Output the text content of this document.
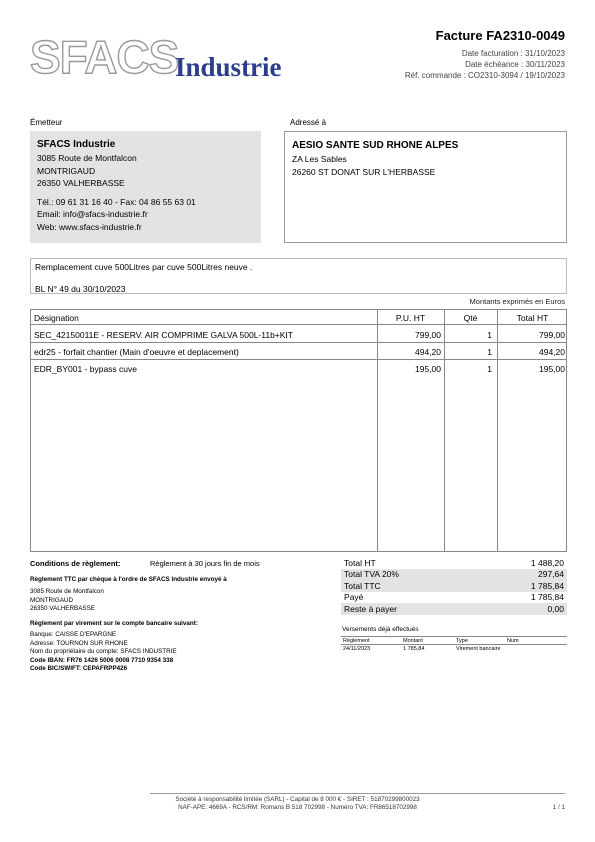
SFACS
Industrie
Facture FA2310-0049
Date facturation : 31/10/2023
Date échéance : 30/11/2023
Réf. commande : CO2310-3094 / 19/10/2023
Émetteur
SFACS Industrie
3085 Route de Montfalcon
MONTRIGAUD
26350 VALHERBASSE
Tél.: 09 61 31 16 40 - Fax: 04 86 55 63 01
Email: info@sfacs-industrie.fr
Web: www.sfacs-industrie.fr
Adressé à
AESIO SANTE SUD RHONE ALPES
ZA Les Sables
26260 ST DONAT SUR L'HERBASSE
Remplacement cuve 500Litres par cuve 500Litres neuve .
BL N° 49 du 30/10/2023
Montants exprimés en Euros
Désignation	P.U. HT	Qté	Total HT
SEC_42150011E - RESERV. AIR COMPRIME GALVA 500L-11b+KIT	799,00	1	799,00
edr25 - forfait chantier (Main d'oeuvre et deplacement)	494,20	1	494,20
EDR_BY001 - bypass cuve	195,00	1	195,00
Conditions de règlement:	Règlement à 30 jours fin de mois
Règlement TTC par chèque à l'ordre de SFACS Industrie envoyé à
3085 Route de Montfalcon
MONTRIGAUD
26350 VALHERBASSE
Règlement par virement sur le compte bancaire suivant:
Banque: CAISSE D'EPARGNE
Adresse: TOURNON SUR RHONE
Nom du propriétaire du compte: SFACS INDUSTRIE
Code IBAN: FR76 1426 5006 0008 7710 9354 338
Code BIC/SWIFT: CEPAFRPP426
Total HT	1 488,20
Total TVA 20%	297,64
Total TTC	1 785,84
Payé	1 785,84
Reste à payer	0,00
Versements déjà effectués
Règlement	Montant	Type	Num
24/11/2023	1 785,84	Virement bancaire
Société à responsabilité limitée (SARL) - Capital de 8 000 € - SIRET : 51870299800023
NAF-APE: 4669A - RCS/RM: Romans B 518 702998 - Numéro TVA: FR86518702998	1 / 1
